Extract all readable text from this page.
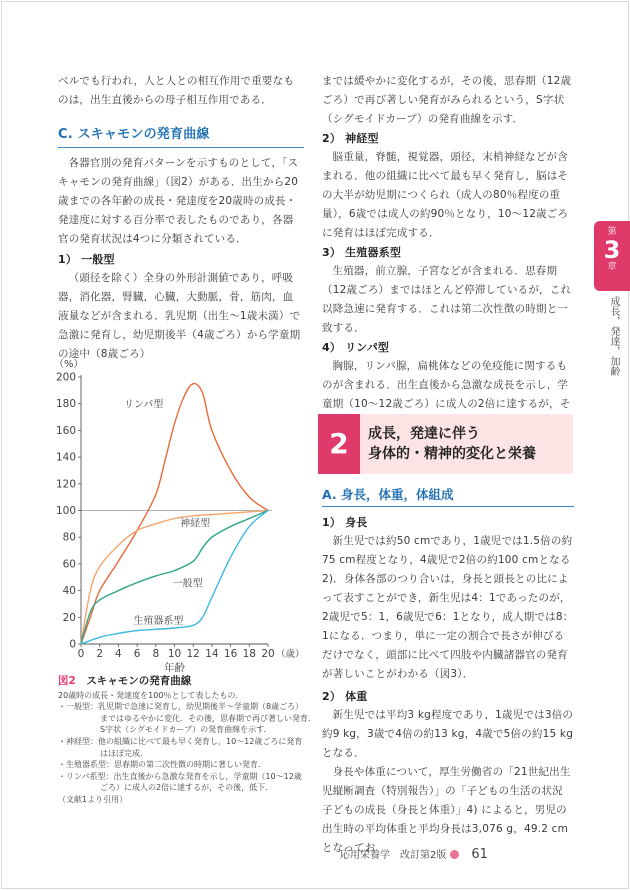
ベルでも行われ，人と人との相互作用で重要なも

のは，出生直後からの母子相互作用である．

C. スキャモンの発育曲線

各器官別の発育パターンを示すものとして，「スキャモンの発育曲線」（図2）がある．出生から20歳までの各年齢の成長・発達度を20歳時の成長・発達度に対する百分率で表したものであり，各器官の発育状況は4つに分類されている．

1） 一般型

（頭径を除く）全身の外形計測値であり，呼吸器，消化器，腎臓，心臓，大動脈，骨，筋肉，血液量などが含まれる．乳児期（出生～1歳未満）で急激に発育し，幼児期後半（4歳ごろ）から学童期の途中（8歳ごろ）

までは緩やかに変化するが，その後，思春期（12歳ごろ）で再び著しい発育がみられるという，S字状（シグモイドカーブ）の発育曲線を示す．

2） 神経型

脳重量，脊髄，視覚器，頭径，末梢神経などが含まれる．他の組織に比べて最も早く発育し，脳はその大半が幼児期につくられ（成人の80％程度の重量），6歳では成人の約90％となり，10～12歳ごろに発育はほぼ完成する．

3） 生殖器系型

生殖器，前立腺，子宮などが含まれる．思春期（12歳ごろ）まではほとんど停滞しているが，これ以降急速に発育する．これは第二次性徴の時期と一致する．

4） リンパ型

胸腺，リンパ腺，扁桃体などの免疫能に関するものが含まれる．出生直後から急激な成長を示し，学童期（10～12歳ごろ）に成人の2倍に達するが，そ

2	成長，発達に伴う
身体的・精神的変化と栄養
A. 身長，体重，体組成

1） 身長

新生児では約50 cmであり，1歳児では1.5倍の約75 cm程度となり，4歳児で2倍の約100 cmとなる2)．身体各部のつり合いは，身長と頭長との比によって表すことができ，新生児は4：1であったのが，2歳児で5：1，6歳児で6：1となり，成人期では8：1になる．つまり，単に一定の割合で長さが伸びるだけでなく，頭部に比べて四肢や内臓諸器官の発育が著しいことがわかる（図3）．

2） 体重

新生児では平均3 kg程度であり，1歳児では3倍の約9 kg，3歳で4倍の約13 kg，4歳で5倍の約15 kgとなる．

身長や体重について，厚生労働省の「21世紀出生児縦断調査（特別報告）」の「子どもの生活の状況 子どもの成長（身長と体重）」4) によると，男児の出生時の平均体重と平均身長は3,076 g，49.2 cmとなってお

第
3
章
成長，発達，加齢
0
20
40
60
80
100
120
140
160
180
200
0 2 4 6 8 10 12 14 16 18 20
（%）
（歳）
年齢
リンパ型
神経型
一般型
生殖器系型
図2　 スキャモンの発育曲線
20歳時の成長・発達度を100％として表したもの．
・一般型：乳児期で急速に発育し，幼児期後半～学童期（8歳ごろ）
まではゆるやかに変化．その後，思春期で再び著しい発育．
S字状（シグモイドカーブ）の発育曲線を示す．
・神経型：他の組織に比べて最も早く発育し，10～12歳ごろに発育
はほぼ完成．
・生殖器系型：思春期の第二次性徴の時期に著しい発育．
・リンパ系型：出生直後から急激な発育を示し，学童期（10～12歳
ごろ）に成人の2倍に達するが，その後，低下．
（文献1より引用）
応用栄養学　改訂第2版 61
